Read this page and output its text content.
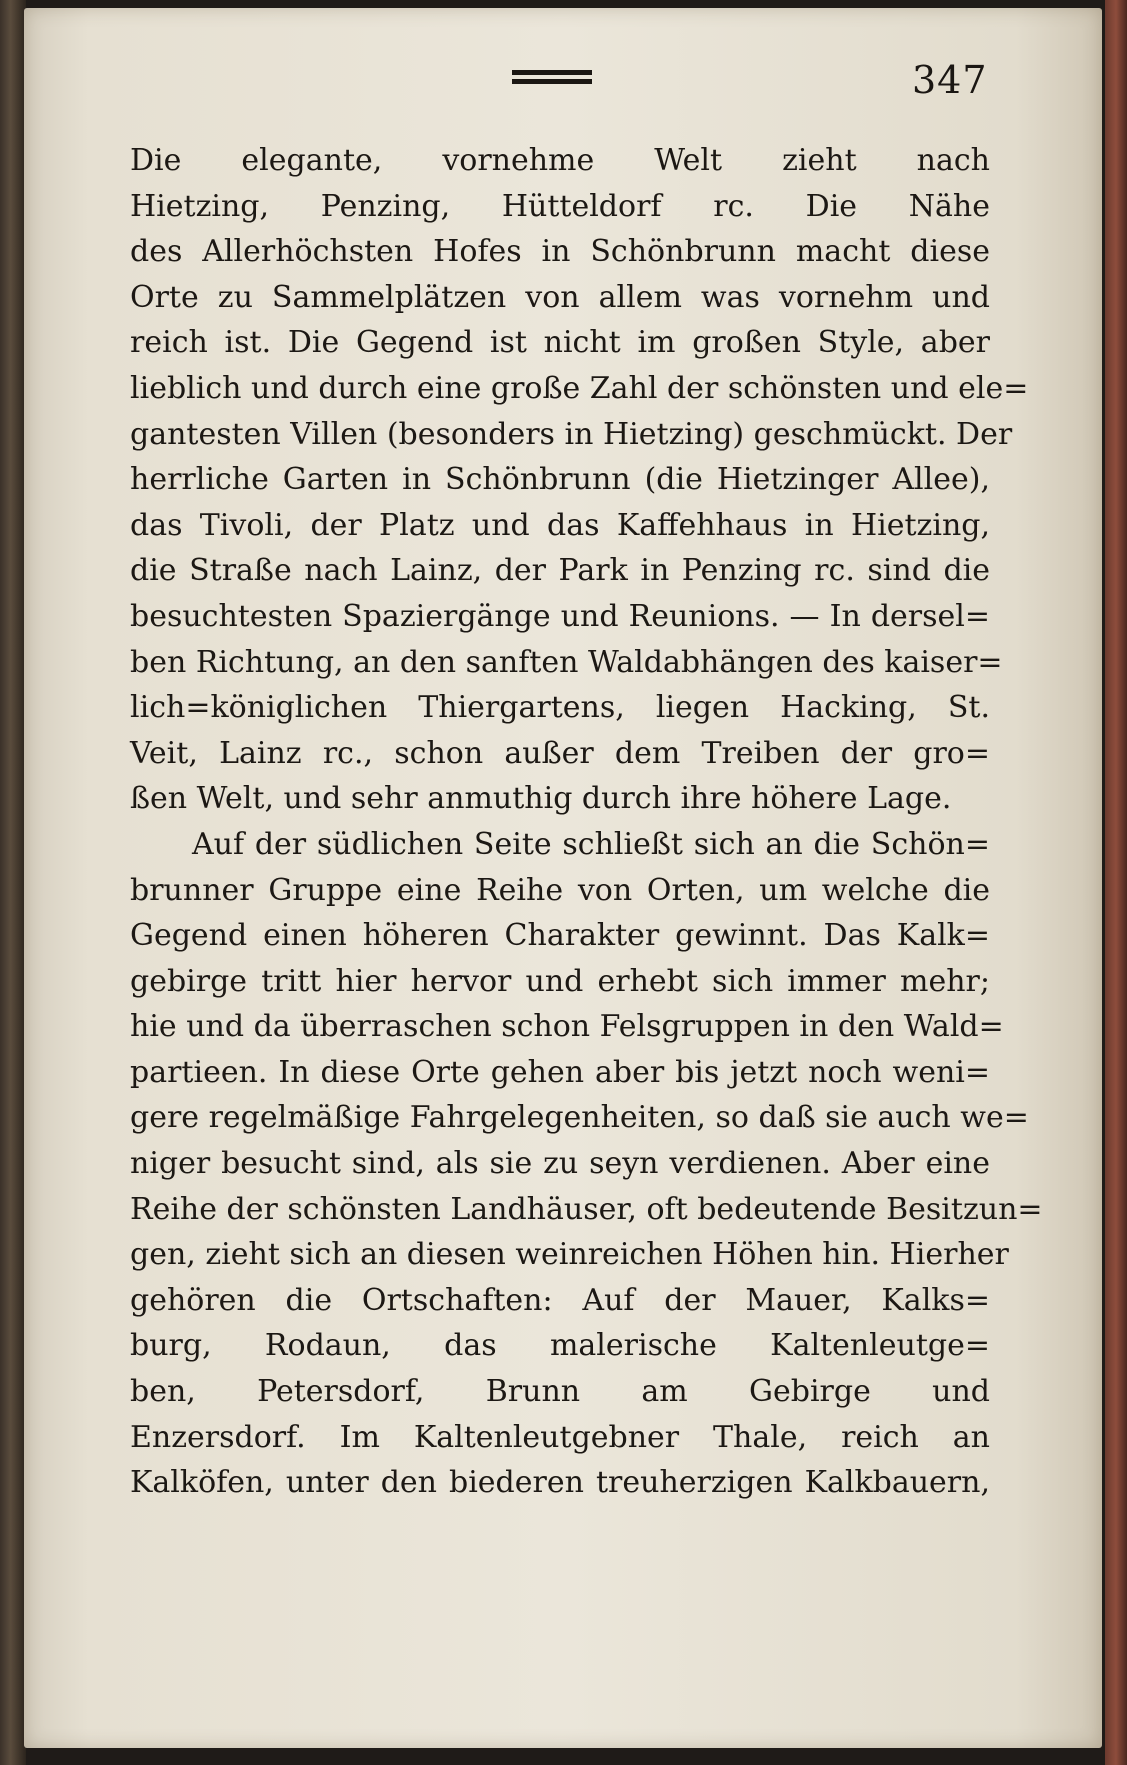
347
Die elegante, vornehme Welt zieht nach
Hietzing, Penzing, Hütteldorf rc. Die Nähe
des Allerhöchsten Hofes in Schönbrunn macht diese
Orte zu Sammelplätzen von allem was vornehm und
reich ist. Die Gegend ist nicht im großen Style, aber
lieblich und durch eine große Zahl der schönsten und ele=
gantesten Villen (besonders in Hietzing) geschmückt. Der
herrliche Garten in Schönbrunn (die Hietzinger Allee),
das Tivoli, der Platz und das Kaffehhaus in Hietzing,
die Straße nach Lainz, der Park in Penzing rc. sind die
besuchtesten Spaziergänge und Reunions. — In dersel=
ben Richtung, an den sanften Waldabhängen des kaiser=
lich=königlichen Thiergartens, liegen Hacking, St.
Veit, Lainz rc., schon außer dem Treiben der gro=
ßen Welt, und sehr anmuthig durch ihre höhere Lage.
Auf der südlichen Seite schließt sich an die Schön=
brunner Gruppe eine Reihe von Orten, um welche die
Gegend einen höheren Charakter gewinnt. Das Kalk=
gebirge tritt hier hervor und erhebt sich immer mehr;
hie und da überraschen schon Felsgruppen in den Wald=
partieen. In diese Orte gehen aber bis jetzt noch weni=
gere regelmäßige Fahrgelegenheiten, so daß sie auch we=
niger besucht sind, als sie zu seyn verdienen. Aber eine
Reihe der schönsten Landhäuser, oft bedeutende Besitzun=
gen, zieht sich an diesen weinreichen Höhen hin. Hierher
gehören die Ortschaften: Auf der Mauer, Kalks=
burg, Rodaun, das malerische Kaltenleutge=
ben, Petersdorf, Brunn am Gebirge und
Enzersdorf. Im Kaltenleutgebner Thale, reich an
Kalköfen, unter den biederen treuherzigen Kalkbauern,
